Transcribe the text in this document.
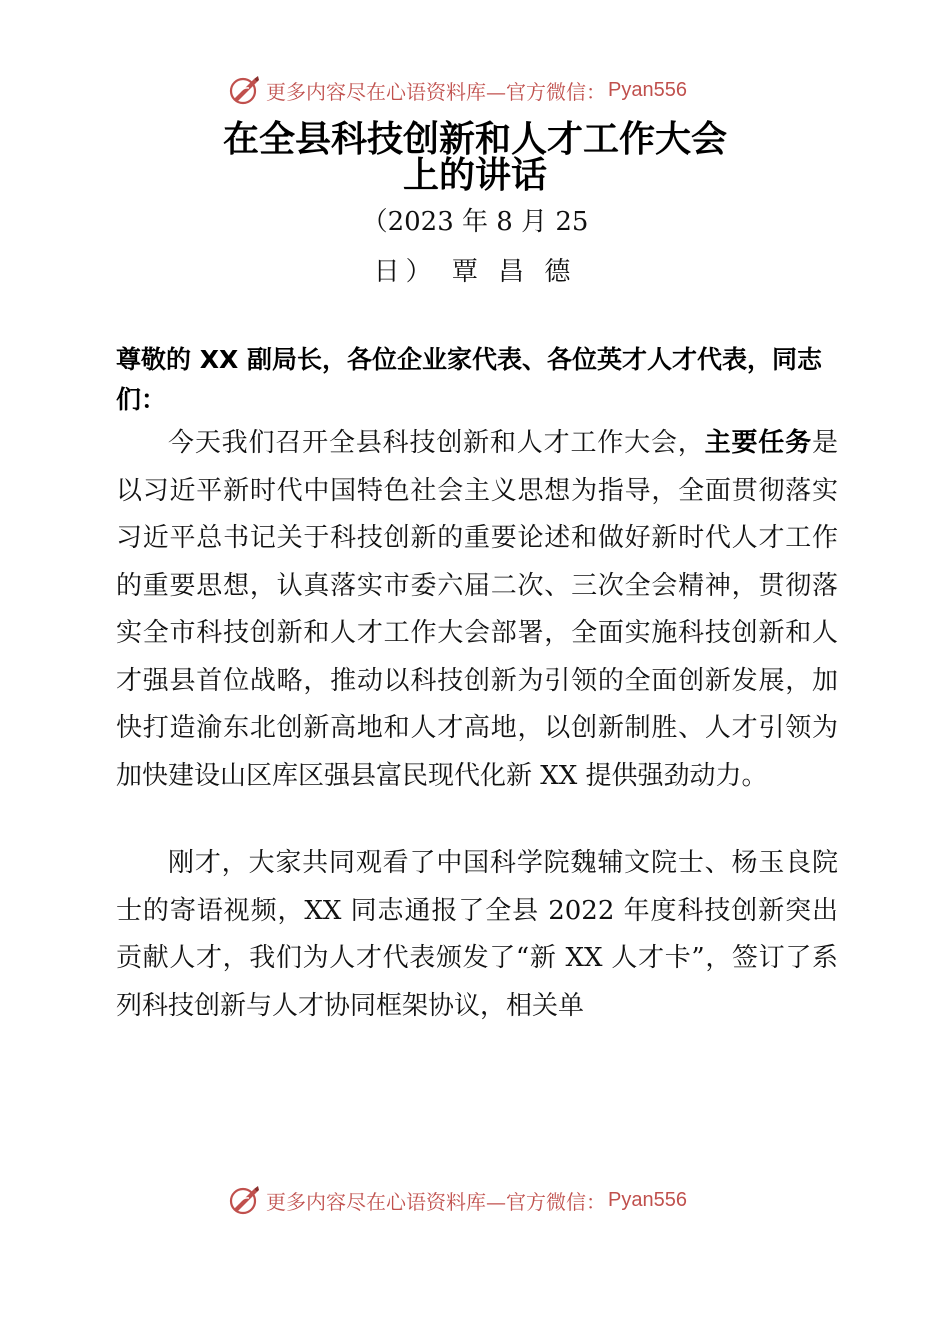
更多内容尽在心语资料库—官方微信： Pyan556
在全县科技创新和人才工作大会
上的讲话
（2023 年 8 月 25
日） 覃 昌 德

尊敬的 XX 副局长，各位企业家代表、各位英才人才代表，同志们：

今天我们召开全县科技创新和人才工作大会，主要任务是以习近平新时代中国特色社会主义思想为指导，全面贯彻落实习近平总书记关于科技创新的重要论述和做好新时代人才工作的重要思想，认真落实市委六届二次、三次全会精神，贯彻落实全市科技创新和人才工作大会部署，全面实施科技创新和人才强县首位战略，推动以科技创新为引领的全面创新发展，加快打造渝东北创新高地和人才高地，以创新制胜、人才引领为加快建设山区库区强县富民现代化新 XX 提供强劲动力。

刚才，大家共同观看了中国科学院魏辅文院士、杨玉良院士的寄语视频，XX 同志通报了全县 2022 年度科技创新突出贡献人才，我们为人才代表颁发了“新 XX 人才卡”，签订了系列科技创新与人才协同框架协议，相关单

更多内容尽在心语资料库—官方微信： Pyan556
